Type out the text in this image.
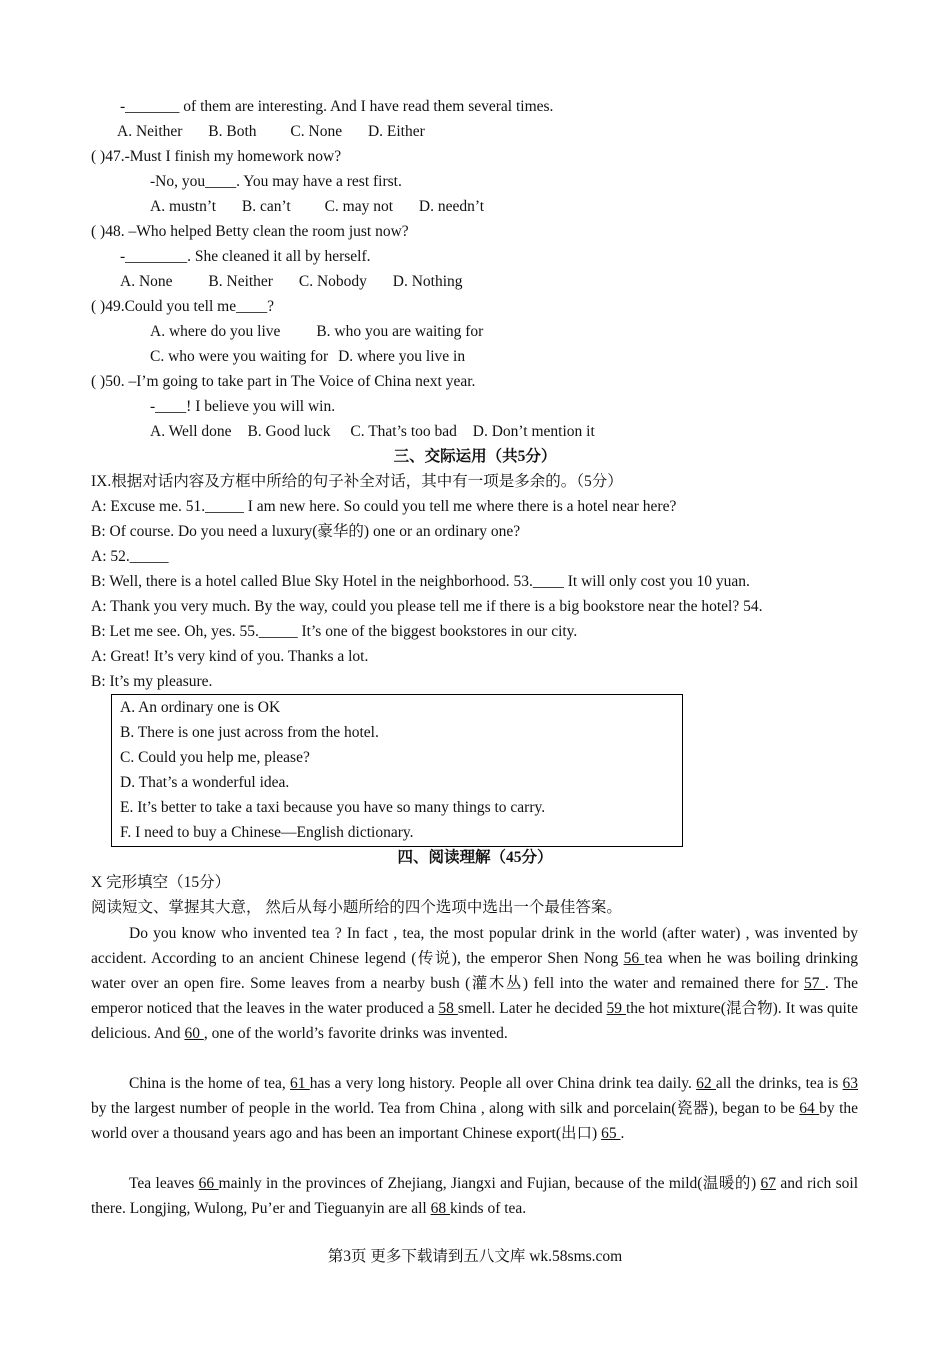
-_______ of them are interesting. And I have read them several times.
A. Neither B. Both C. None D. Either
( )47.-Must I finish my homework now?
-No, you____. You may have a rest first.
A. mustn’t B. can’t C. may not D. needn’t
( )48. –Who helped Betty clean the room just now?
-________. She cleaned it all by herself.
A. None B. Neither C. Nobody D. Nothing
( )49.Could you tell me____?
A. where do you live B. who you are waiting for
C. who were you waiting for D. where you live in
( )50. –I’m going to take part in The Voice of China next year.
-____! I believe you will win.
A. Well done B. Good luck C. That’s too bad D. Don’t mention it
三、交际运用（共5分）
IX.根据对话内容及方框中所给的句子补全对话，其中有一项是多余的。（5分）
A: Excuse me. 51._____ I am new here. So could you tell me where there is a hotel near here?
B: Of course. Do you need a luxury(豪华的) one or an ordinary one?
A: 52._____
B: Well, there is a hotel called Blue Sky Hotel in the neighborhood. 53.____ It will only cost you 10 yuan.
A: Thank you very much. By the way, could you please tell me if there is a big bookstore near the hotel? 54.
B: Let me see. Oh, yes. 55._____ It’s one of the biggest bookstores in our city.
A: Great! It’s very kind of you. Thanks a lot.
B: It’s my pleasure.
A. An ordinary one is OK
B. There is one just across from the hotel.
C. Could you help me, please?
D. That’s a wonderful idea.
E. It’s better to take a taxi because you have so many things to carry.
F. I need to buy a Chinese—English dictionary.
四、阅读理解（45分）
X 完形填空（15分）
阅读短文、掌握其大意， 然后从每小题所给的四个选项中选出一个最佳答案。
Do you know who invented tea ? In fact , tea, the most popular drink in the world (after water) , was invented by accident. According to an ancient Chinese legend (传说), the emperor Shen Nong 56 tea when he was boiling drinking water over an open fire. Some leaves from a nearby bush (灌木丛) fell into the water and remained there for 57 . The emperor noticed that the leaves in the water produced a 58 smell. Later he decided 59 the hot mixture(混合物). It was quite delicious. And 60 , one of the world’s favorite drinks was invented.
China is the home of tea, 61 has a very long history. People all over China drink tea daily. 62 all the drinks, tea is 63 by the largest number of people in the world. Tea from China , along with silk and porcelain(瓷器), began to be 64 by the world over a thousand years ago and has been an important Chinese export(出口) 65 .
Tea leaves 66 mainly in the provinces of Zhejiang, Jiangxi and Fujian, because of the mild(温暖的) 67 and rich soil there. Longjing, Wulong, Pu’er and Tieguanyin are all 68 kinds of tea.
第3页 更多下载请到五八文库 wk.58sms.com
